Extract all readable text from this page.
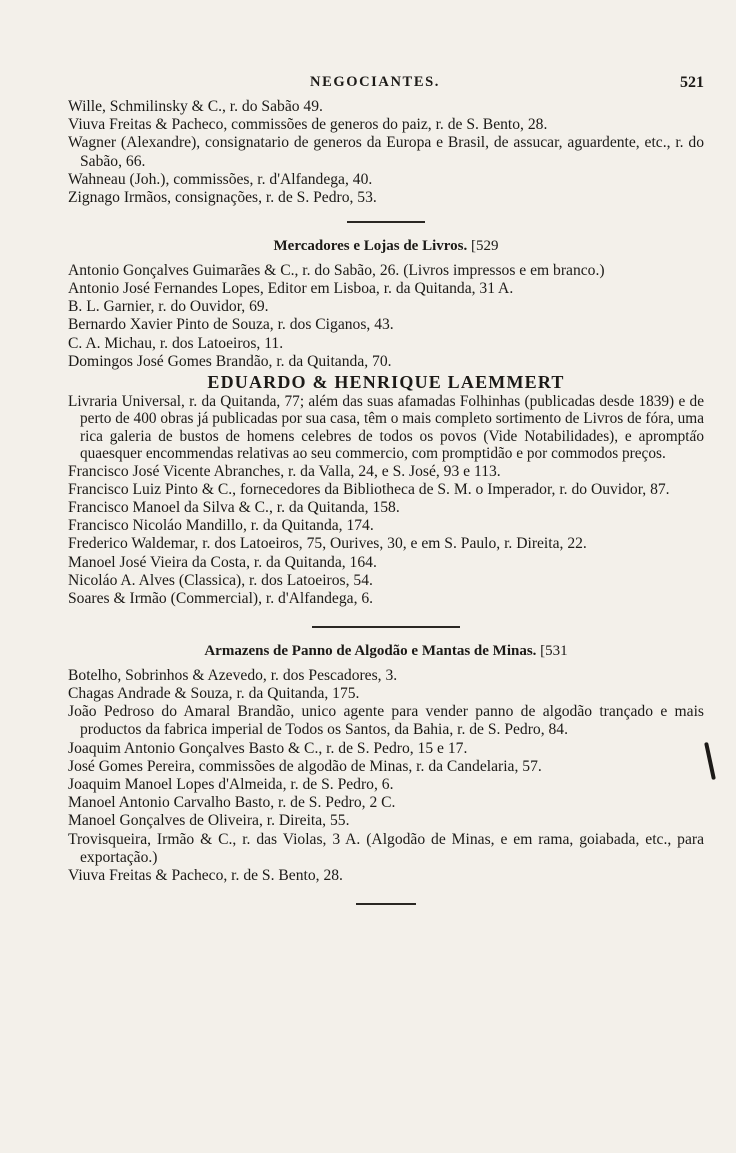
NEGOCIANTES.	521
Wille, Schmilinsky & C., r. do Sabão 49.
Viuva Freitas & Pacheco, commissões de generos do paiz, r. de S. Bento, 28.
Wagner (Alexandre), consignatario de generos da Europa e Brasil, de assucar, aguardente, etc., r. do Sabão, 66.
Wahneau (Joh.), commissões, r. d'Alfandega, 40.
Zignago Irmãos, consignações, r. de S. Pedro, 53.
Mercadores e Lojas de Livros. [529
Antonio Gonçalves Guimarães & C., r. do Sabão, 26. (Livros impressos e em branco.)
Antonio José Fernandes Lopes, Editor em Lisboa, r. da Quitanda, 31 A.
B. L. Garnier, r. do Ouvidor, 69.
Bernardo Xavier Pinto de Souza, r. dos Ciganos, 43.
C. A. Michau, r. dos Latoeiros, 11.
Domingos José Gomes Brandão, r. da Quitanda, 70.
EDUARDO & HENRIQUE LAEMMERT
Livraria Universal, r. da Quitanda, 77; além das suas afamadas Folhinhas (publicadas desde 1839) e de perto de 400 obras já publicadas por sua casa, têm o mais completo sortimento de Livros de fóra, uma rica galeria de bustos de homens celebres de todos os povos (Vide Notabilidades), e aprompta̋o quaesquer encommendas relativas ao seu commercio, com promptidão e por commodos preços.
Francisco José Vicente Abranches, r. da Valla, 24, e S. José, 93 e 113.
Francisco Luiz Pinto & C., fornecedores da Bibliotheca de S. M. o Imperador, r. do Ouvidor, 87.
Francisco Manoel da Silva & C., r. da Quitanda, 158.
Francisco Nicoláo Mandillo, r. da Quitanda, 174.
Frederico Waldemar, r. dos Latoeiros, 75, Ourives, 30, e em S. Paulo, r. Direita, 22.
Manoel José Vieira da Costa, r. da Quitanda, 164.
Nicoláo A. Alves (Classica), r. dos Latoeiros, 54.
Soares & Irmão (Commercial), r. d'Alfandega, 6.
Armazens de Panno de Algodão e Mantas de Minas. [531
Botelho, Sobrinhos & Azevedo, r. dos Pescadores, 3.
Chagas Andrade & Souza, r. da Quitanda, 175.
João Pedroso do Amaral Brandão, unico agente para vender panno de algodão trançado e mais productos da fabrica imperial de Todos os Santos, da Bahia, r. de S. Pedro, 84.
Joaquim Antonio Gonçalves Basto & C., r. de S. Pedro, 15 e 17.
José Gomes Pereira, commissões de algodão de Minas, r. da Candelaria, 57.
Joaquim Manoel Lopes d'Almeida, r. de S. Pedro, 6.
Manoel Antonio Carvalho Basto, r. de S. Pedro, 2 C.
Manoel Gonçalves de Oliveira, r. Direita, 55.
Trovisqueira, Irmão & C., r. das Violas, 3 A. (Algodão de Minas, e em rama, goiabada, etc., para exportação.)
Viuva Freitas & Pacheco, r. de S. Bento, 28.
